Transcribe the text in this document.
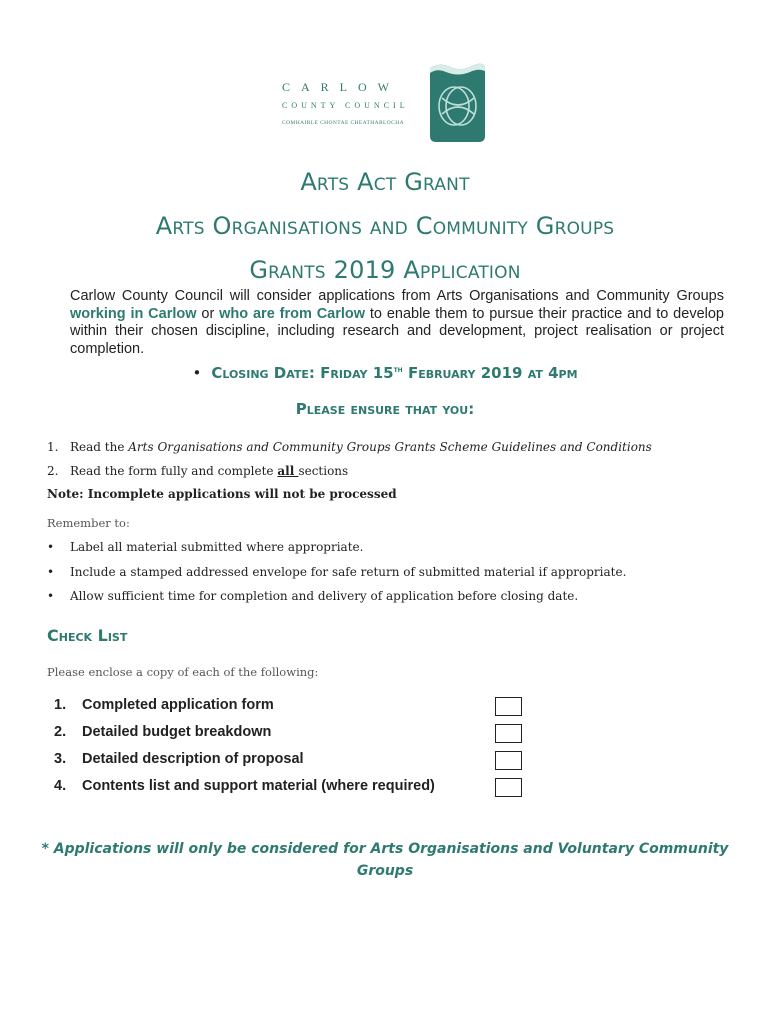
CARLOW
COUNTY COUNCIL
COMHAIRLE CHONTAE CHEATHARLOCHA
Arts Act Grant
Arts Organisations and Community Groups
Grants 2019 Application
Carlow County Council will consider applications from Arts Organisations and Community Groups working in Carlow or who are from Carlow to enable them to pursue their practice and to develop within their chosen discipline, including research and development, project realisation or project completion.
• Closing Date: Friday 15th February 2019 at 4pm
Please ensure that you:
1. Read the Arts Organisations and Community Groups Grants Scheme Guidelines and Conditions
2. Read the form fully and complete all sections
Note: Incomplete applications will not be processed
Remember to:
• Label all material submitted where appropriate.
• Include a stamped addressed envelope for safe return of submitted material if appropriate.
• Allow sufficient time for completion and delivery of application before closing date.
Check List
Please enclose a copy of each of the following:
1. Completed application form
2. Detailed budget breakdown
3. Detailed description of proposal
4. Contents list and support material (where required)
* Applications will only be considered for Arts Organisations and Voluntary Community Groups
